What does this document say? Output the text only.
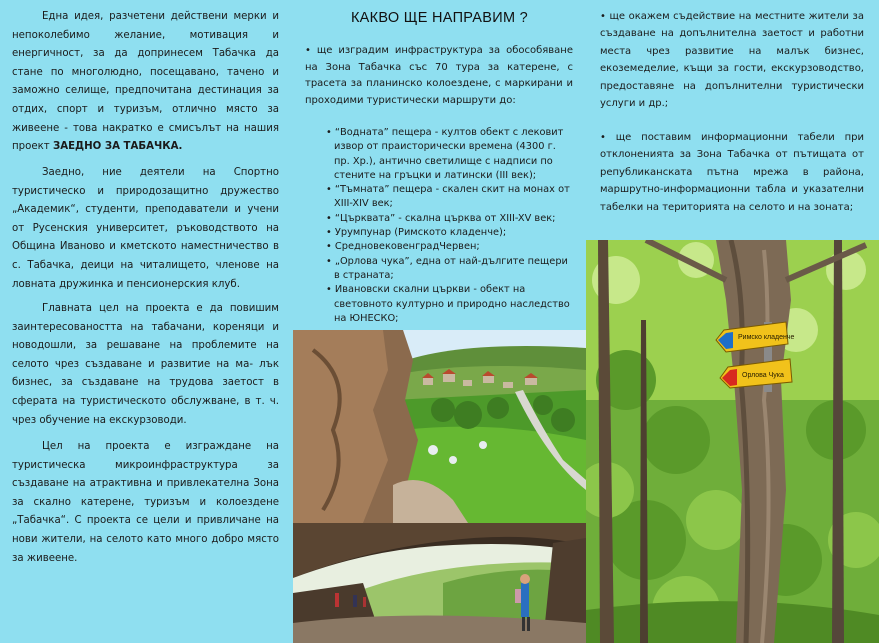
Една идея, разчетени действени мерки и непоколебимо желание, мотивация и енергичност, за да допринесем Табачка да стане по многолюдно, посещавано, тачено и заможно селище, предпочитана дестинация за отдих, спорт и туризъм, отлично място за живеене - това накратко е смисълът на нашия проект ЗАЕДНО ЗА ТАБАЧКА.

Заедно, ние деятели на Спортно туристическо и природозащитно дружество „Академик“, студенти, преподаватели и учени от Русенския университет, ръководството на Община Иваново и кметското наместничество в с. Табачка, деици на читалището, членове на ловната дружинка и пенсионерския клуб.

Главната цел на проекта е да повишим заинтересоваността на табачани, кореняци и новодошли, за решаване на проблемите на селото чрез създаване и развитие на ма- лък бизнес, за създаване на трудова заетост в сферата на туристическото обслужване, в т. ч. чрез обучение на екскурзоводи.

Цел на проекта е изграждане на туристическа микроинфраструктура за създаване на атрактивна и привлекателна Зона за скално катерене, туризъм и колоездене „Табачка“. С проекта се цели и привличане на нови жители, на селото като много добро място за живеене.

КАКВО ЩЕ НАПРАВИМ ?
• ще изградим инфраструктура за обособяване на Зона Табачка със 70 тура за катерене, с трасета за планинско колоездене, с маркирани и проходими туристически маршрути до:
• “Водната” пещера - култов обект с лековит извор от праисторически времена (4300 г. пр. Хр.), антично светилище с надписи по стените на гръцки и латински (III век);
• “Тъмната” пещера - скален скит на монах от XIII-XIV век;
• “Църквата” - скална църква от XIII-XV век;
• Урумпунар (Римското кладенче);
• СредновековенградЧервен;
• „Орлова чука”, една от най-дългите пещери в страната;
• Ивановски скални църкви - обект на световното културно и природно наследство на ЮНЕСКО;
• ще окажем съдействие на местните жители за създаване на допълнителна заетост и работни места чрез развитие на малък бизнес, екоземеделие, къщи за гости, екскурзоводство, предоставяне на допълнителни туристически услуги и др.;
• ще поставим информационни табели при отклоненията за Зона Табачка от пътищата от републиканската пътна мрежа в района, маршрутно-информационни табла и указателни табелки на територията на селото и на зоната;
Римско кладенче
Орлова Чука
